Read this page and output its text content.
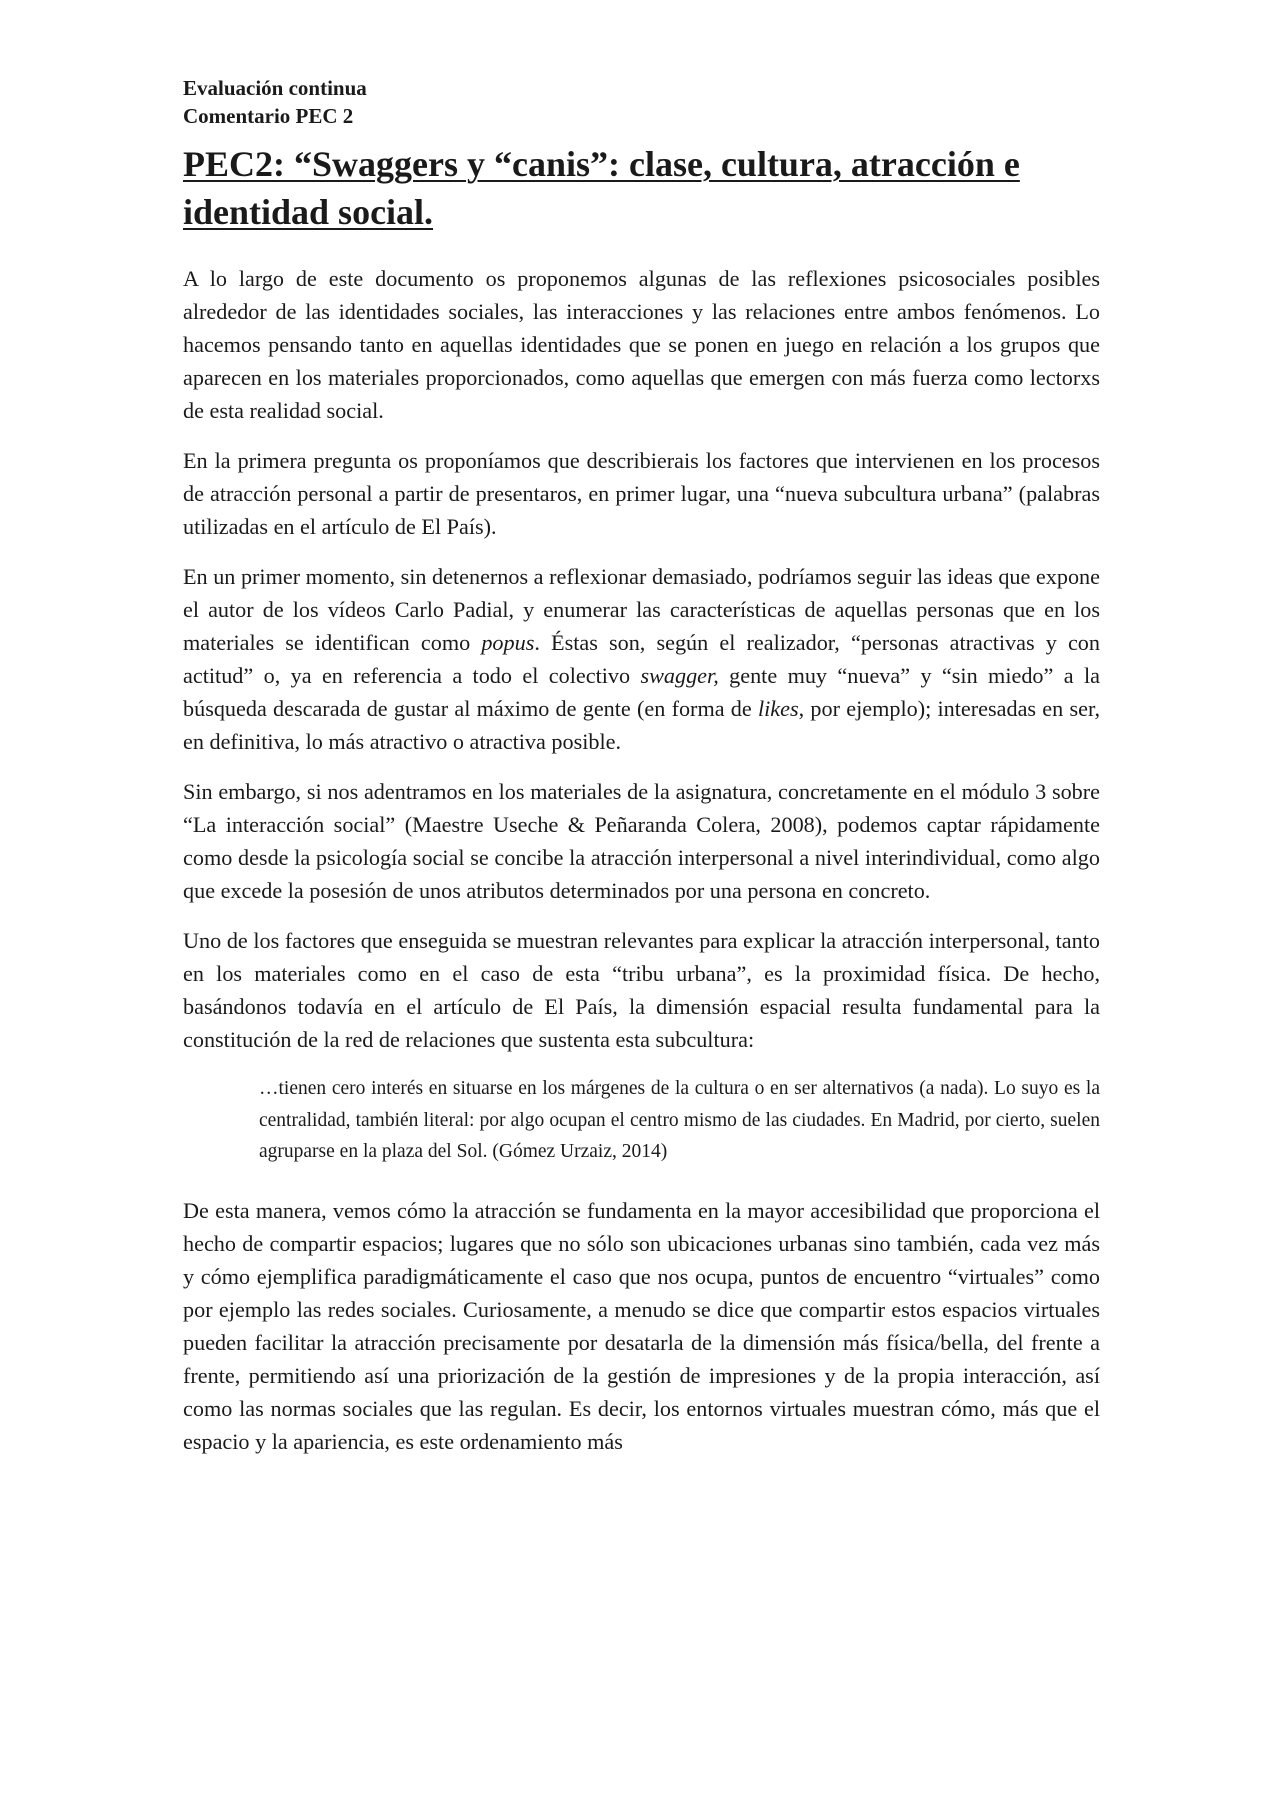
Evaluación continua

Comentario PEC 2

PEC2: “Swaggers y “canis”: clase, cultura, atracción e identidad social.

A lo largo de este documento os proponemos algunas de las reflexiones psicosociales posibles alrededor de las identidades sociales, las interacciones y las relaciones entre ambos fenómenos. Lo hacemos pensando tanto en aquellas identidades que se ponen en juego en relación a los grupos que aparecen en los materiales proporcionados, como aquellas que emergen con más fuerza como lectorxs de esta realidad social.

En la primera pregunta os proponíamos que describierais los factores que intervienen en los procesos de atracción personal a partir de presentaros, en primer lugar, una “nueva subcultura urbana” (palabras utilizadas en el artículo de El País).

En un primer momento, sin detenernos a reflexionar demasiado, podríamos seguir las ideas que expone el autor de los vídeos Carlo Padial, y enumerar las características de aquellas personas que en los materiales se identifican como popus. Éstas son, según el realizador, “personas atractivas y con actitud” o, ya en referencia a todo el colectivo swagger, gente muy “nueva” y “sin miedo” a la búsqueda descarada de gustar al máximo de gente (en forma de likes, por ejemplo); interesadas en ser, en definitiva, lo más atractivo o atractiva posible.

Sin embargo, si nos adentramos en los materiales de la asignatura, concretamente en el módulo 3 sobre “La interacción social” (Maestre Useche & Peñaranda Colera, 2008), podemos captar rápidamente como desde la psicología social se concibe la atracción interpersonal a nivel interindividual, como algo que excede la posesión de unos atributos determinados por una persona en concreto.

Uno de los factores que enseguida se muestran relevantes para explicar la atracción interpersonal, tanto en los materiales como en el caso de esta “tribu urbana”, es la proximidad física. De hecho, basándonos todavía en el artículo de El País, la dimensión espacial resulta fundamental para la constitución de la red de relaciones que sustenta esta subcultura:

…tienen cero interés en situarse en los márgenes de la cultura o en ser alternativos (a nada). Lo suyo es la centralidad, también literal: por algo ocupan el centro mismo de las ciudades. En Madrid, por cierto, suelen agruparse en la plaza del Sol. (Gómez Urzaiz, 2014)

De esta manera, vemos cómo la atracción se fundamenta en la mayor accesibilidad que proporciona el hecho de compartir espacios; lugares que no sólo son ubicaciones urbanas sino también, cada vez más y cómo ejemplifica paradigmáticamente el caso que nos ocupa, puntos de encuentro “virtuales” como por ejemplo las redes sociales. Curiosamente, a menudo se dice que compartir estos espacios virtuales pueden facilitar la atracción precisamente por desatarla de la dimensión más física/bella, del frente a frente, permitiendo así una priorización de la gestión de impresiones y de la propia interacción, así como las normas sociales que las regulan. Es decir, los entornos virtuales muestran cómo, más que el espacio y la apariencia, es este ordenamiento más
